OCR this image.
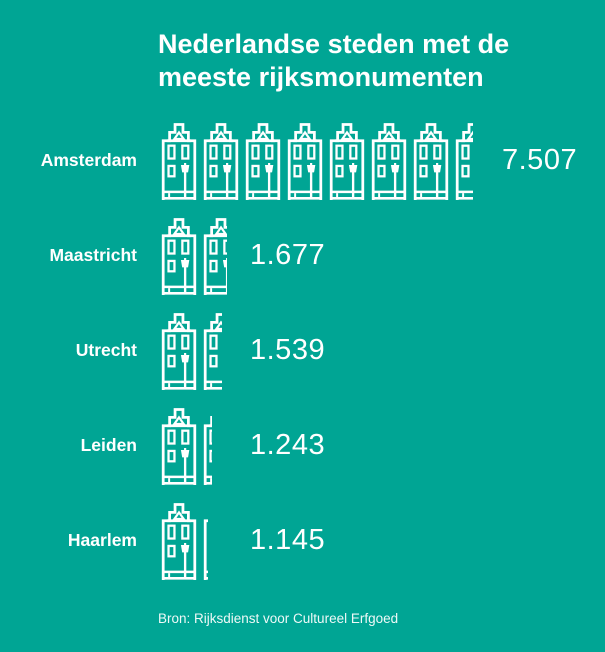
Nederlandse steden met de
meeste rijksmonumenten
Amsterdam	7.507
Maastricht	1.677
Utrecht	1.539
Leiden	1.243
Haarlem	1.145
Bron: Rijksdienst voor Cultureel Erfgoed
